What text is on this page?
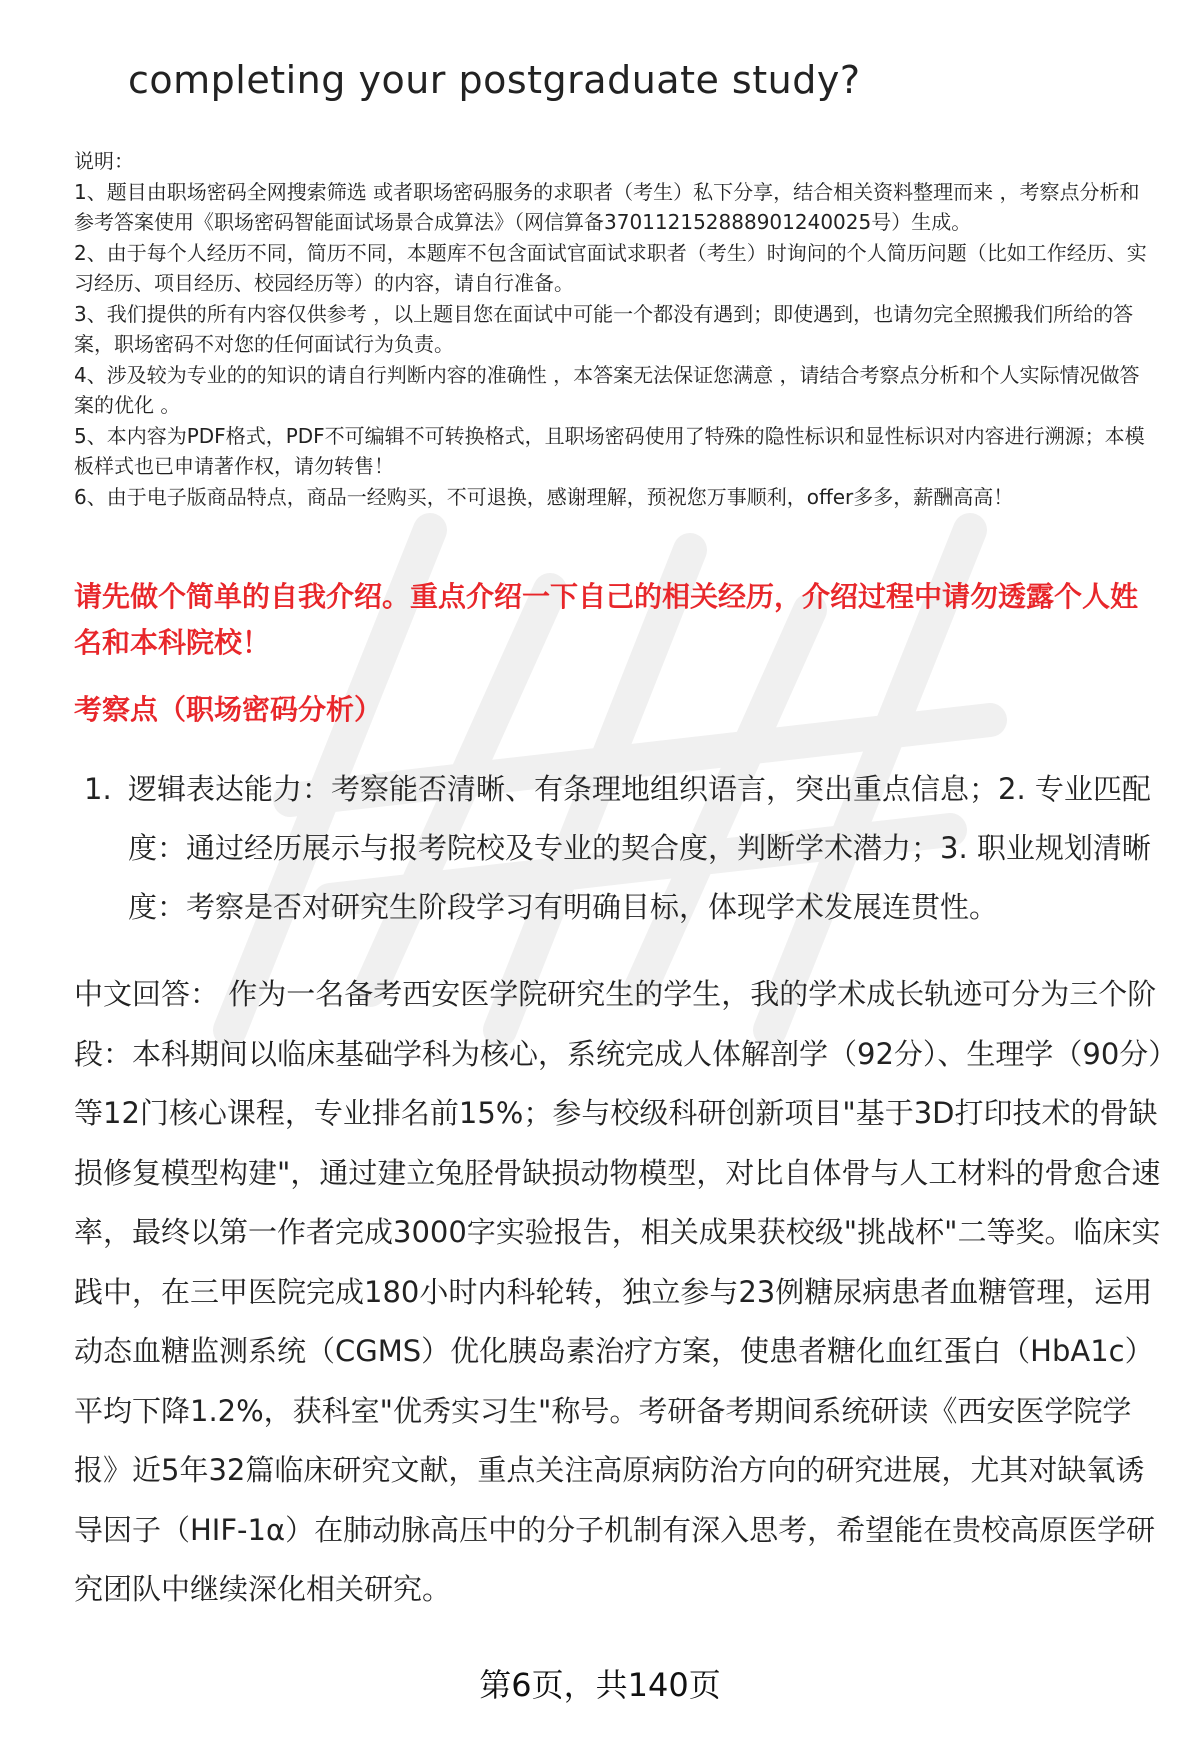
completing your postgraduate study?

说明：

1、题目由职场密码全网搜索筛选 或者职场密码服务的求职者（考生）私下分享，结合相关资料整理而来 ，考察点分析和参考答案使用《职场密码智能面试场景合成算法》（网信算备370112152888901240025号）生成。

2、由于每个人经历不同，简历不同，本题库不包含面试官面试求职者（考生）时询问的个人简历问题（比如工作经历、实习经历、项目经历、校园经历等）的内容，请自行准备。

3、我们提供的所有内容仅供参考 ，以上题目您在面试中可能一个都没有遇到；即使遇到，也请勿完全照搬我们所给的答案，职场密码不对您的任何面试行为负责。

4、涉及较为专业的的知识的请自行判断内容的准确性 ，本答案无法保证您满意 ，请结合考察点分析和个人实际情况做答案的优化 。

5、本内容为PDF格式，PDF不可编辑不可转换格式，且职场密码使用了特殊的隐性标识和显性标识对内容进行溯源；本模板样式也已申请著作权，请勿转售！

6、由于电子版商品特点，商品一经购买，不可退换，感谢理解，预祝您万事顺利，offer多多，薪酬高高！

请先做个简单的自我介绍。重点介绍一下自己的相关经历，介绍过程中请勿透露个人姓名和本科院校！
考察点（职场密码分析）
1. 逻辑表达能力：考察能否清晰、有条理地组织语言，突出重点信息；2. 专业匹配度：通过经历展示与报考院校及专业的契合度，判断学术潜力；3. 职业规划清晰度：考察是否对研究生阶段学习有明确目标，体现学术发展连贯性。
中文回答： 作为一名备考西安医学院研究生的学生，我的学术成长轨迹可分为三个阶段：本科期间以临床基础学科为核心，系统完成人体解剖学（92分）、生理学（90分）等12门核心课程，专业排名前15%；参与校级科研创新项目"基于3D打印技术的骨缺损修复模型构建"，通过建立兔胫骨缺损动物模型，对比自体骨与人工材料的骨愈合速率，最终以第一作者完成3000字实验报告，相关成果获校级"挑战杯"二等奖。临床实践中，在三甲医院完成180小时内科轮转，独立参与23例糖尿病患者血糖管理，运用动态血糖监测系统（CGMS）优化胰岛素治疗方案，使患者糖化血红蛋白（HbA1c）平均下降1.2%，获科室"优秀实习生"称号。考研备考期间系统研读《西安医学院学报》近5年32篇临床研究文献，重点关注高原病防治方向的研究进展，尤其对缺氧诱导因子（HIF-1α）在肺动脉高压中的分子机制有深入思考，希望能在贵校高原医学研究团队中继续深化相关研究。
第6页，共140页
